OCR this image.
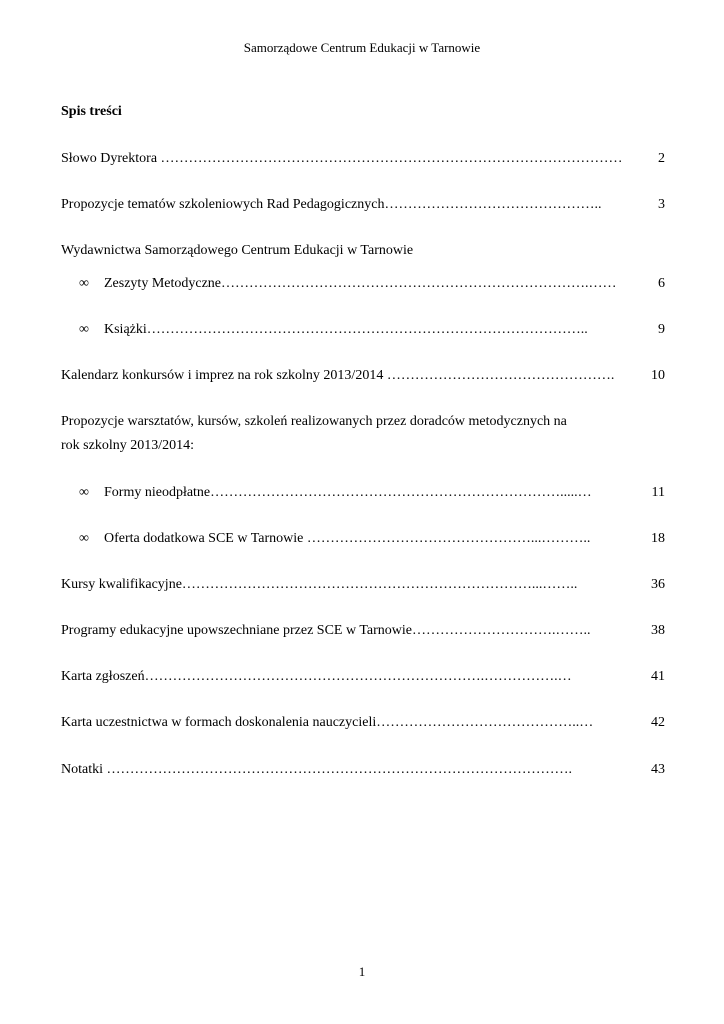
Samorządowe Centrum Edukacji w Tarnowie
Spis treści
Słowo Dyrektora ………………………………………………………………………………………	2
Propozycje tematów szkoleniowych Rad Pedagogicznych………………………………………..	3
Wydawnictwa Samorządowego Centrum Edukacji w Tarnowie
∞ Zeszyty Metodyczne…………………………………………………………………….……	6
∞ Książki…………………………………………………………………………………..	9
Kalendarz konkursów i imprez na rok szkolny 2013/2014 ………………………………………….	10
Propozycje warsztatów, kursów, szkoleń realizowanych przez doradców metodycznych na
rok szkolny 2013/2014:
∞ Formy nieodpłatne………………………………………………………………….....…	11
∞ Oferta dodatkowa SCE w Tarnowie …………………………………………...………..	18
Kursy kwalifikacyjne…………………………………………………………………...……..	36
Programy edukacyjne upowszechniane przez SCE w Tarnowie………………………….……..	38
Karta zgłoszeń……………………………………………………………….…………….…	41
Karta uczestnictwa w formach doskonalenia nauczycieli……………………………………..…	42
Notatki ……………………………………………………………………………………….	43
1
